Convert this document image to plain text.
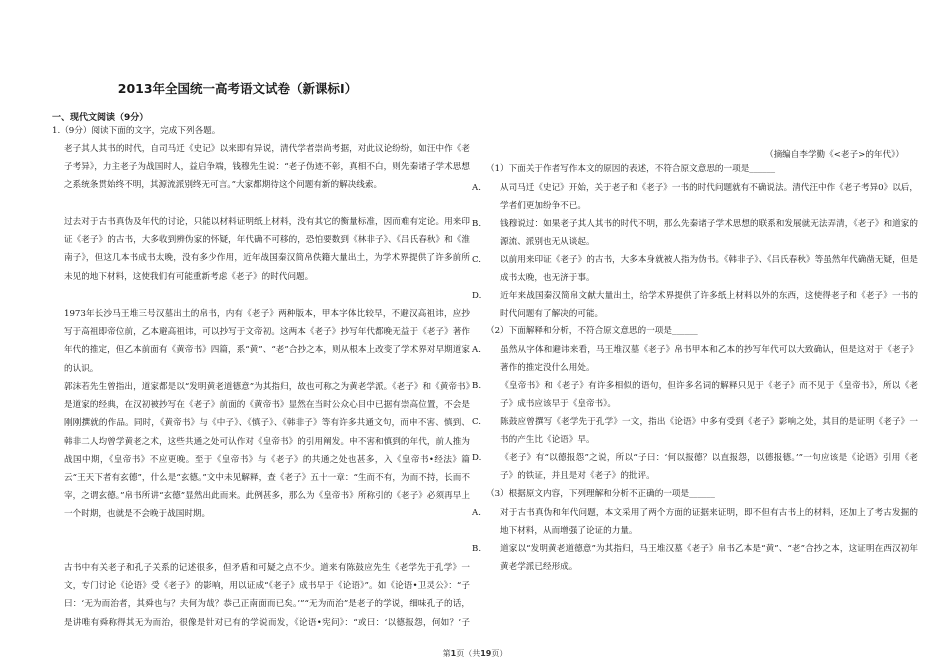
2013年全国统一高考语文试卷（新课标Ⅰ）
一、现代文阅读（9分）
1.（9分）阅读下面的文字，完成下列各题。
老子其人其书的时代，自司马迁《史记》以来即有异说，清代学者崇尚考据，对此议论纷纷，如汪中作《老子考异》，力主老子为战国时人，益启争端，钱穆先生说：“老子伪迹不彰，真相不白，则先秦诸子学术思想之系统条贯始终不明，其源流派别终无可言。”大家都期待这个问题有新的解决线索。
过去对于古书真伪及年代的讨论，只能以材料证明纸上材料，没有其它的衡量标准，因而难有定论。用来印证《老子》的古书，大多收到辨伪家的怀疑，年代确不可移的，恐怕要数到《林非子》、《吕氏春秋》和《淮南子》，但这几本书成书太晚，没有多少作用，近年战国秦汉简帛佚籍大量出土，为学术界提供了许多前所未见的地下材料，这使我们有可能重新考虑《老子》的时代问题。
1973年长沙马王堆三号汉墓出土的帛书，内有《老子》两种版本，甲本字体比较早，不避汉高祖讳，应抄写于高祖即帝位前，乙本避高祖讳，可以抄写于文帝初。这两本《老子》抄写年代都晚无益于《老子》著作年代的推定，但乙本前面有《黄帝书》四篇，系“黄”、“老”合抄之本，则从根本上改变了学术界对早期道家的认识。
郭沫若先生曾指出，道家都是以“发明黄老道德意”为其指归，故也可称之为黄老学派。《老子》和《黄帝书》是道家的经典，在汉初被抄写在《老子》前面的《黄帝书》显然在当时公众心目中已据有崇高位置，不会是刚刚撰就的作品。同时，《黄帝书》与《中子》、《慎子》、《韩非子》等有许多共通文句，而申不害、慎到、韩非二人均曾学黄老之术，这些共通之处可认作对《皇帝书》的引用阐发。申不害和慎到的年代，前人推为战国中期，《皇帝书》不应更晚。至于《皇帝书》与《老子》的共通之处也甚多，入《皇帝书•经法》篇云“王天下者有玄德”，什么是“玄德。”文中未见解释，查《老子》五十一章：“生而不有，为而不持，长而不宰，之谓玄德。”帛书所讲“玄德”显然出此而来。此例甚多，那么为《皇帝书》所称引的《老子》必须再早上一个时期，也就是不会晚于战国时期。
古书中有关老子和孔子关系的记述很多，但矛盾和可疑之点不少。道来有陈鼓应先生《老学先于孔学》一文，专门讨论《论语》受《老子》的影响，用以证成“《老子》成书早于《论语》”。如《论语•卫灵公》：“子曰：‘无为而治者，其舜也与？夫何为哉？恭己正南面而已矣。’”“无为而治”是老子的学说，细味孔子的话，是讲唯有舜称得其无为而治，很像是针对已有的学说而发，《论语•宪问》：“或曰：‘以德报怨，何如？’子
（摘编自李学勤《<老子>的年代》）
（1）下面关于作者写作本文的原因的表述，不符合原文意思的一项是______
A. 从司马迁《史记》开始，关于老子和《老子》一书的时代问题就有不确说法。清代汪中作《老子考异0》以后，学者们更加纷争不已。
B. 钱穆说过：如果老子其人其书的时代不明，那么先秦诸子学术思想的联系和发展就无法弄清，《老子》和道家的源流、派别也无从谈起。
C. 以前用来印证《老子》的古书，大多本身就被人指为伪书。《韩非子》、《吕氏春秋》等虽然年代确凿无疑，但是成书太晚，也无济于事。
D. 近年来战国秦汉简帛文献大量出土，给学术界提供了许多纸上材料以外的东西，这使得老子和《老子》一书的时代问题有了解决的可能。
（2）下面解释和分析，不符合原文意思的一项是______
A. 虽然从字体和避讳来看，马王堆汉墓《老子》帛书甲本和乙本的抄写年代可以大致确认，但是这对于《老子》著作的推定没什么用处。
B. 《皇帝书》和《老子》有许多相似的语句，但许多名词的解释只见于《老子》而不见于《皇帝书》，所以《老子》成书应该早于《皇帝书》。
C. 陈鼓应曾撰写《老学先于孔学》一文，指出《论语》中多有受到《老子》影响之处，其目的是证明《老子》一书的产生比《论语》早。
D. 《老子》有“以德报怨”之说，所以“子曰：‘何以报德？以直报怨，以德报德。’”一句应该是《论语》引用《老子》的铁证，并且是对《老子》的批评。
（3）根据原文内容，下列理解和分析不正确的一项是______
A. 对于古书真伪和年代问题，本文采用了两个方面的证据来证明，即不但有古书上的材料，还加上了考古发掘的地下材料，从而增强了论证的力量。
B. 道家以“发明黄老道德意”为其指归，马王堆汉墓《老子》帛书乙本是“黄”、“老”合抄之本，这证明在西汉初年黄老学派已经形成。
第1页（共19页）
